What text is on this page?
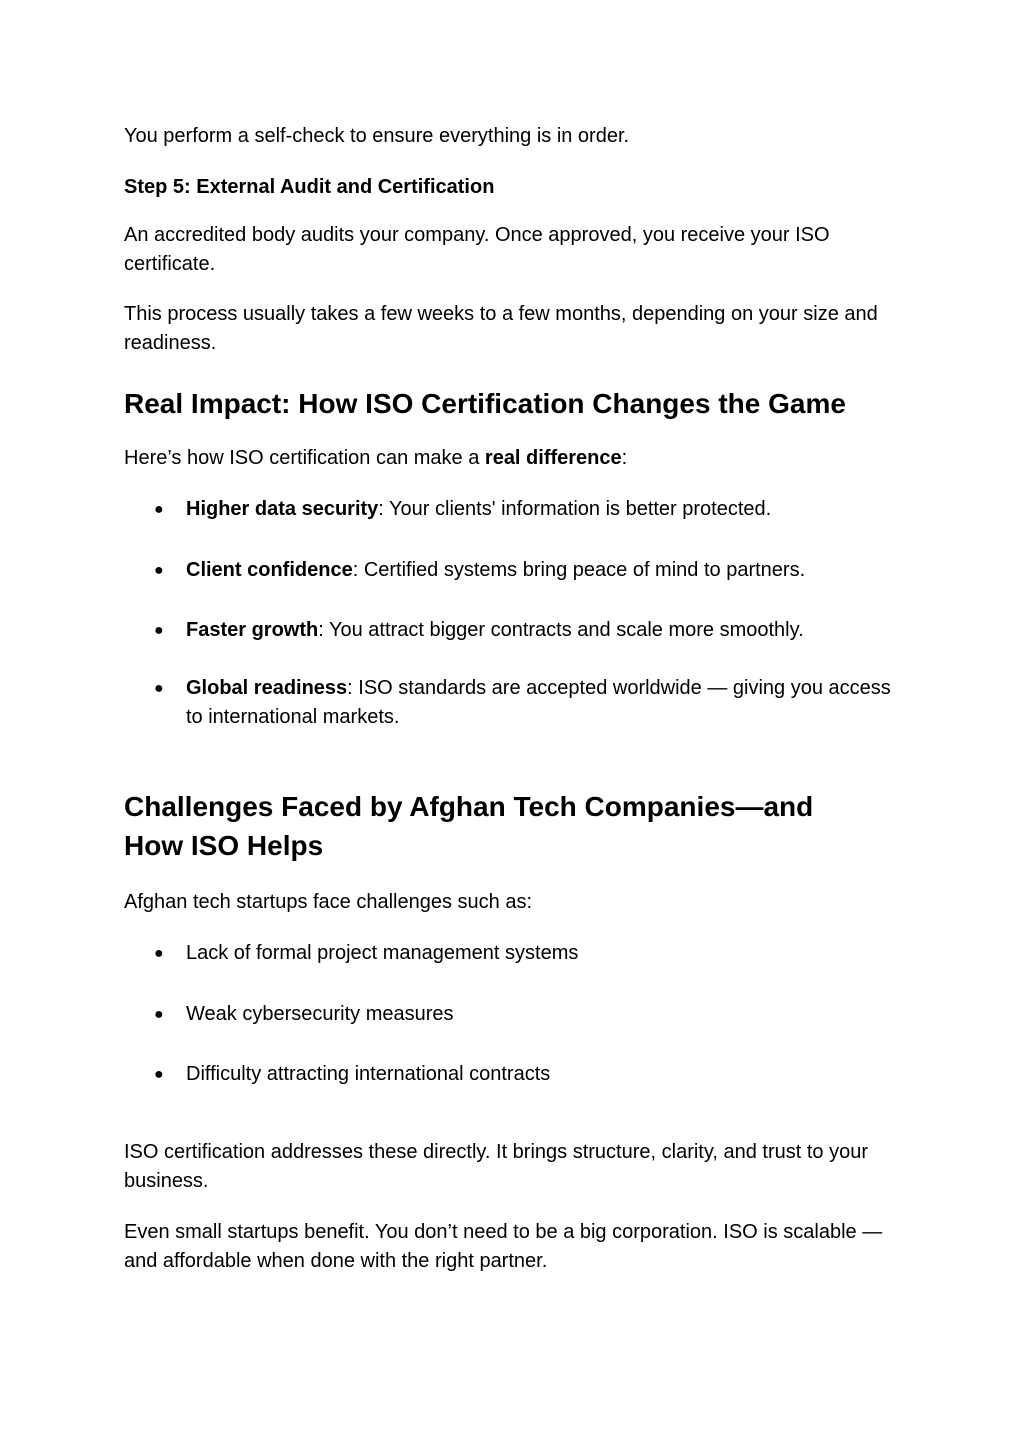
You perform a self-check to ensure everything is in order.

Step 5: External Audit and Certification

An accredited body audits your company. Once approved, you receive your ISO certificate.

This process usually takes a few weeks to a few months, depending on your size and readiness.

Real Impact: How ISO Certification Changes the Game

Here’s how ISO certification can make a real difference:

● Higher data security: Your clients' information is better protected.
● Client confidence: Certified systems bring peace of mind to partners.
● Faster growth: You attract bigger contracts and scale more smoothly.
● Global readiness: ISO standards are accepted worldwide — giving you access to international markets.
Challenges Faced by Afghan Tech Companies—and How ISO Helps

Afghan tech startups face challenges such as:

● Lack of formal project management systems
● Weak cybersecurity measures
● Difficulty attracting international contracts

ISO certification addresses these directly. It brings structure, clarity, and trust to your business.

Even small startups benefit. You don’t need to be a big corporation. ISO is scalable — and affordable when done with the right partner.
